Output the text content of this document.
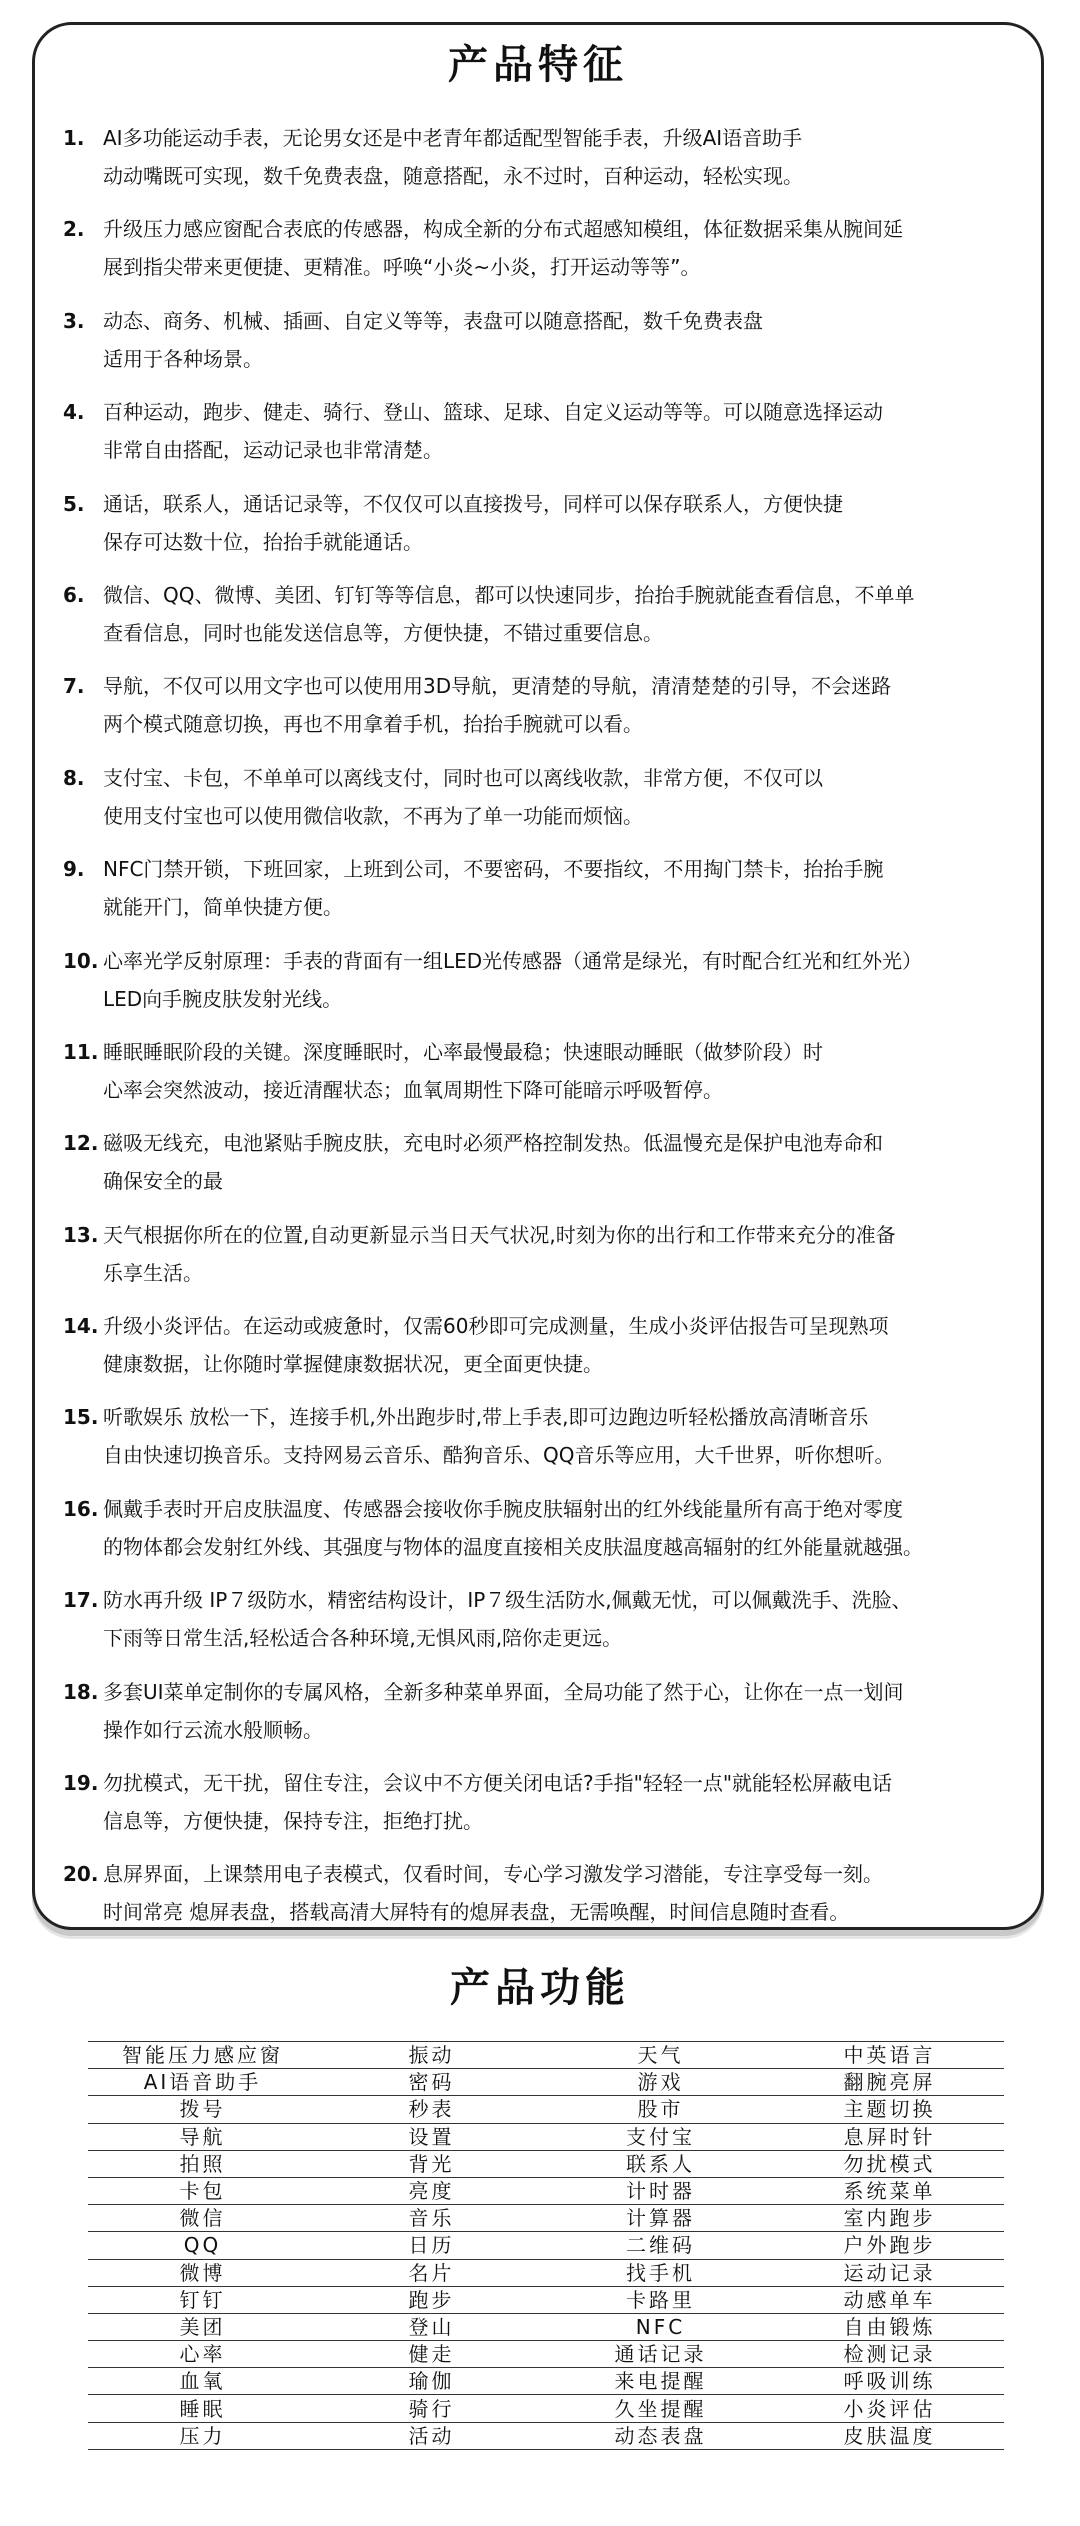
产品特征
1. AI多功能运动手表，无论男女还是中老青年都适配型智能手表，升级AI语音助手
动动嘴既可实现，数千免费表盘，随意搭配，永不过时，百种运动，轻松实现。
2. 升级压力感应窗配合表底的传感器，构成全新的分布式超感知模组，体征数据采集从腕间延
展到指尖带来更便捷、更精准。呼唤“小炎~小炎，打开运动等等”。
3. 动态、商务、机械、插画、自定义等等，表盘可以随意搭配，数千免费表盘
适用于各种场景。
4. 百种运动，跑步、健走、骑行、登山、篮球、足球、自定义运动等等。可以随意选择运动
非常自由搭配，运动记录也非常清楚。
5. 通话，联系人，通话记录等，不仅仅可以直接拨号，同样可以保存联系人，方便快捷
保存可达数十位，抬抬手就能通话。
6. 微信、QQ、微博、美团、钉钉等等信息，都可以快速同步，抬抬手腕就能查看信息，不单单
查看信息，同时也能发送信息等，方便快捷，不错过重要信息。
7. 导航，不仅可以用文字也可以使用用3D导航，更清楚的导航，清清楚楚的引导，不会迷路
两个模式随意切换，再也不用拿着手机，抬抬手腕就可以看。
8. 支付宝、卡包，不单单可以离线支付，同时也可以离线收款，非常方便，不仅可以
使用支付宝也可以使用微信收款，不再为了单一功能而烦恼。
9. NFC门禁开锁，下班回家，上班到公司，不要密码，不要指纹，不用掏门禁卡，抬抬手腕
就能开门，简单快捷方便。
10. 心率光学反射原理：手表的背面有一组LED光传感器（通常是绿光，有时配合红光和红外光）
LED向手腕皮肤发射光线。
11. 睡眠睡眠阶段的关键。深度睡眠时，心率最慢最稳；快速眼动睡眠（做梦阶段）时
心率会突然波动，接近清醒状态；血氧周期性下降可能暗示呼吸暂停。
12. 磁吸无线充，电池紧贴手腕皮肤，充电时必须严格控制发热。低温慢充是保护电池寿命和
确保安全的最
13. 天气根据你所在的位置,自动更新显示当日天气状况,时刻为你的出行和工作带来充分的准备
乐享生活。
14. 升级小炎评估。在运动或疲惫时，仅需60秒即可完成测量，生成小炎评估报告可呈现熟项
健康数据，让你随时掌握健康数据状况，更全面更快捷。
15. 听歌娱乐 放松一下，连接手机,外出跑步时,带上手表,即可边跑边听轻松播放高清晰音乐
自由快速切换音乐。支持网易云音乐、酷狗音乐、QQ音乐等应用，大千世界，听你想听。
16. 佩戴手表时开启皮肤温度、传感器会接收你手腕皮肤辐射出的红外线能量所有高于绝对零度
的物体都会发射红外线、其强度与物体的温度直接相关皮肤温度越高辐射的红外能量就越强。
17. 防水再升级 IP７级防水，精密结构设计，IP７级生活防水,佩戴无忧，可以佩戴洗手、洗脸、
下雨等日常生活,轻松适合各种环境,无惧风雨,陪你走更远。
18. 多套UI菜单定制你的专属风格，全新多种菜单界面，全局功能了然于心，让你在一点一划间
操作如行云流水般顺畅。
19. 勿扰模式，无干扰，留住专注，会议中不方便关闭电话?手指"轻轻一点"就能轻松屏蔽电话
信息等，方便快捷，保持专注，拒绝打扰。
20. 息屏界面，上课禁用电子表模式，仅看时间，专心学习激发学习潜能，专注享受每一刻。
时间常亮 熄屏表盘，搭载高清大屏特有的熄屏表盘，无需唤醒，时间信息随时查看。
产品功能
智能压力感应窗	振动	天气	中英语言
AI语音助手	密码	游戏	翻腕亮屏
拨号	秒表	股市	主题切换
导航	设置	支付宝	息屏时针
拍照	背光	联系人	勿扰模式
卡包	亮度	计时器	系统菜单
微信	音乐	计算器	室内跑步
QQ	日历	二维码	户外跑步
微博	名片	找手机	运动记录
钉钉	跑步	卡路里	动感单车
美团	登山	NFC	自由锻炼
心率	健走	通话记录	检测记录
血氧	瑜伽	来电提醒	呼吸训练
睡眠	骑行	久坐提醒	小炎评估
压力	活动	动态表盘	皮肤温度
